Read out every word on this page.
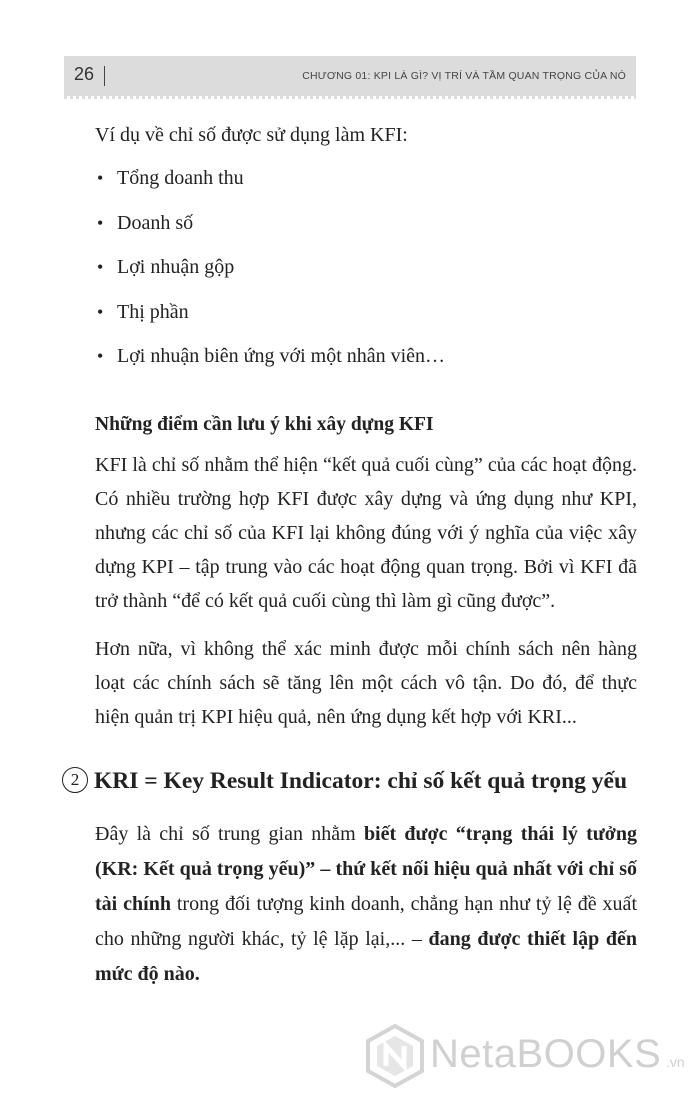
26	CHƯƠNG 01: KPI LÀ GÌ? VỊ TRÍ VÀ TẦM QUAN TRỌNG CỦA NÓ

Ví dụ về chỉ số được sử dụng làm KFI:

• Tổng doanh thu
• Doanh số
• Lợi nhuận gộp
• Thị phần
• Lợi nhuận biên ứng với một nhân viên…

Những điểm cần lưu ý khi xây dựng KFI

KFI là chỉ số nhằm thể hiện “kết quả cuối cùng” của các hoạt động. Có nhiều trường hợp KFI được xây dựng và ứng dụng như KPI, nhưng các chỉ số của KFI lại không đúng với ý nghĩa của việc xây dựng KPI – tập trung vào các hoạt động quan trọng. Bởi vì KFI đã trở thành “để có kết quả cuối cùng thì làm gì cũng được”.

Hơn nữa, vì không thể xác minh được mỗi chính sách nên hàng loạt các chính sách sẽ tăng lên một cách vô tận. Do đó, để thực hiện quản trị KPI hiệu quả, nên ứng dụng kết hợp với KRI...

2 KRI = Key Result Indicator: chỉ số kết quả trọng yếu

Đây là chỉ số trung gian nhằm biết được “trạng thái lý tưởng (KR: Kết quả trọng yếu)” – thứ kết nối hiệu quả nhất với chỉ số tài chính trong đối tượng kinh doanh, chẳng hạn như tỷ lệ đề xuất cho những người khác, tỷ lệ lặp lại,... – đang được thiết lập đến mức độ nào.

NetaBOOKS .vn
